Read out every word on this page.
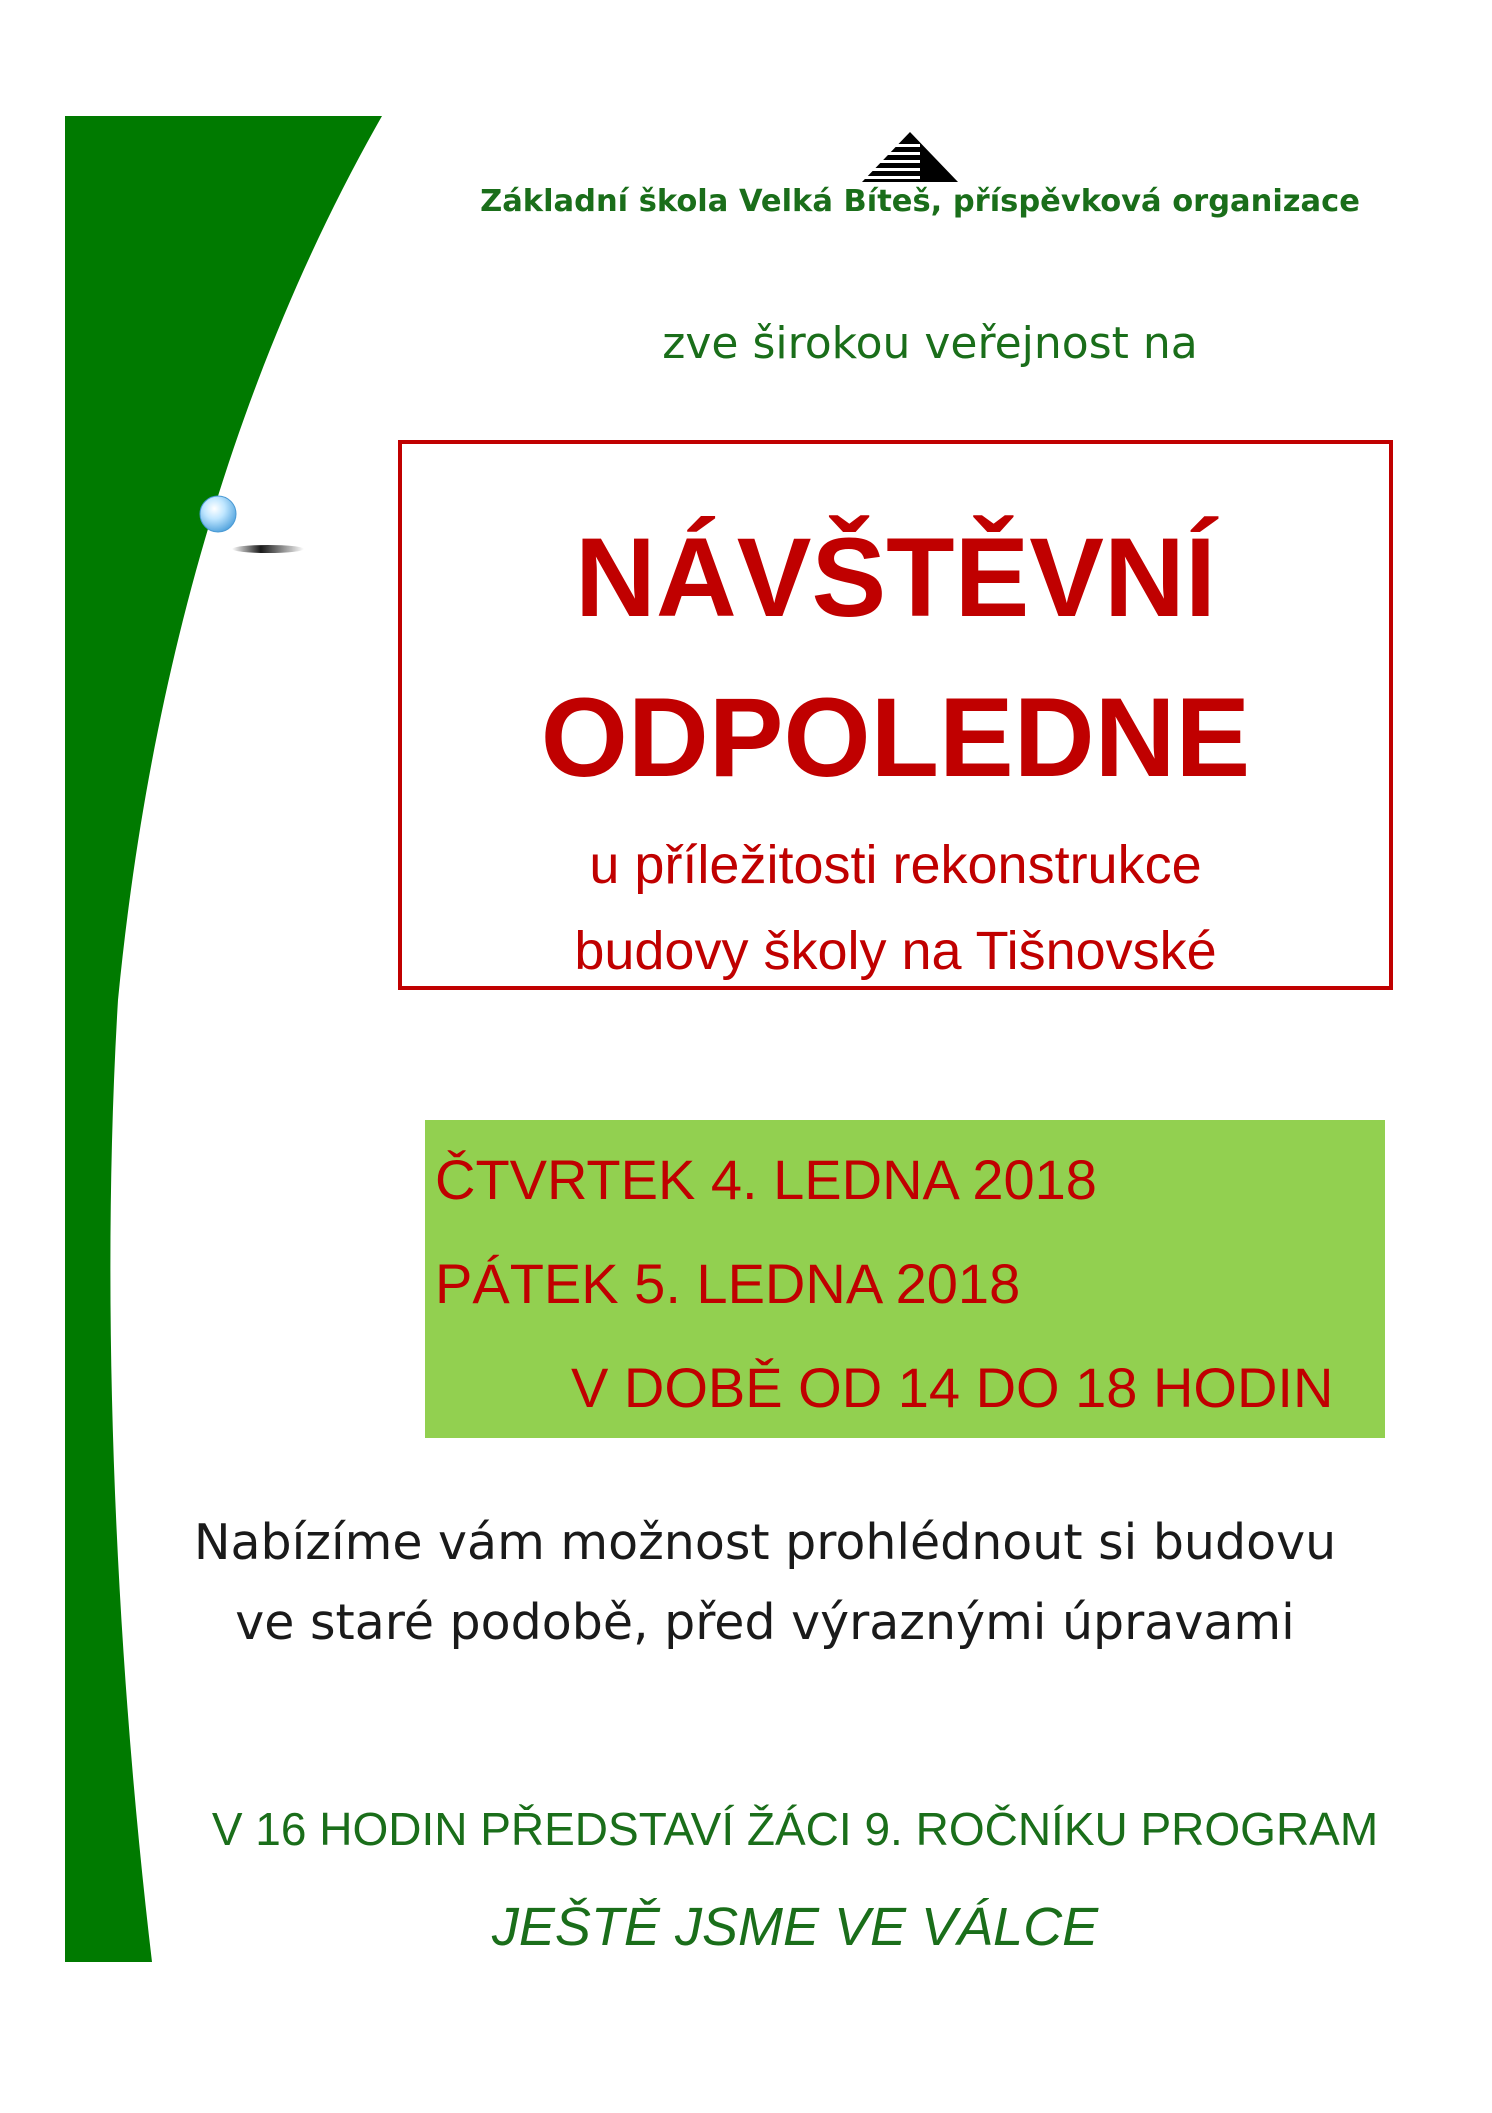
Základní škola Velká Bíteš, příspěvková organizace
zve širokou veřejnost na
NÁVŠTĚVNÍ
ODPOLEDNE
u příležitosti rekonstrukce
budovy školy na Tišnovské
ČTVRTEK 4. LEDNA 2018
PÁTEK 5. LEDNA 2018
V DOBĚ OD 14 DO 18 HODIN
Nabízíme vám možnost prohlédnout si budovu
ve staré podobě, před výraznými úpravami
V 16 HODIN PŘEDSTAVÍ ŽÁCI 9. ROČNÍKU PROGRAM
JEŠTĚ JSME VE VÁLCE
